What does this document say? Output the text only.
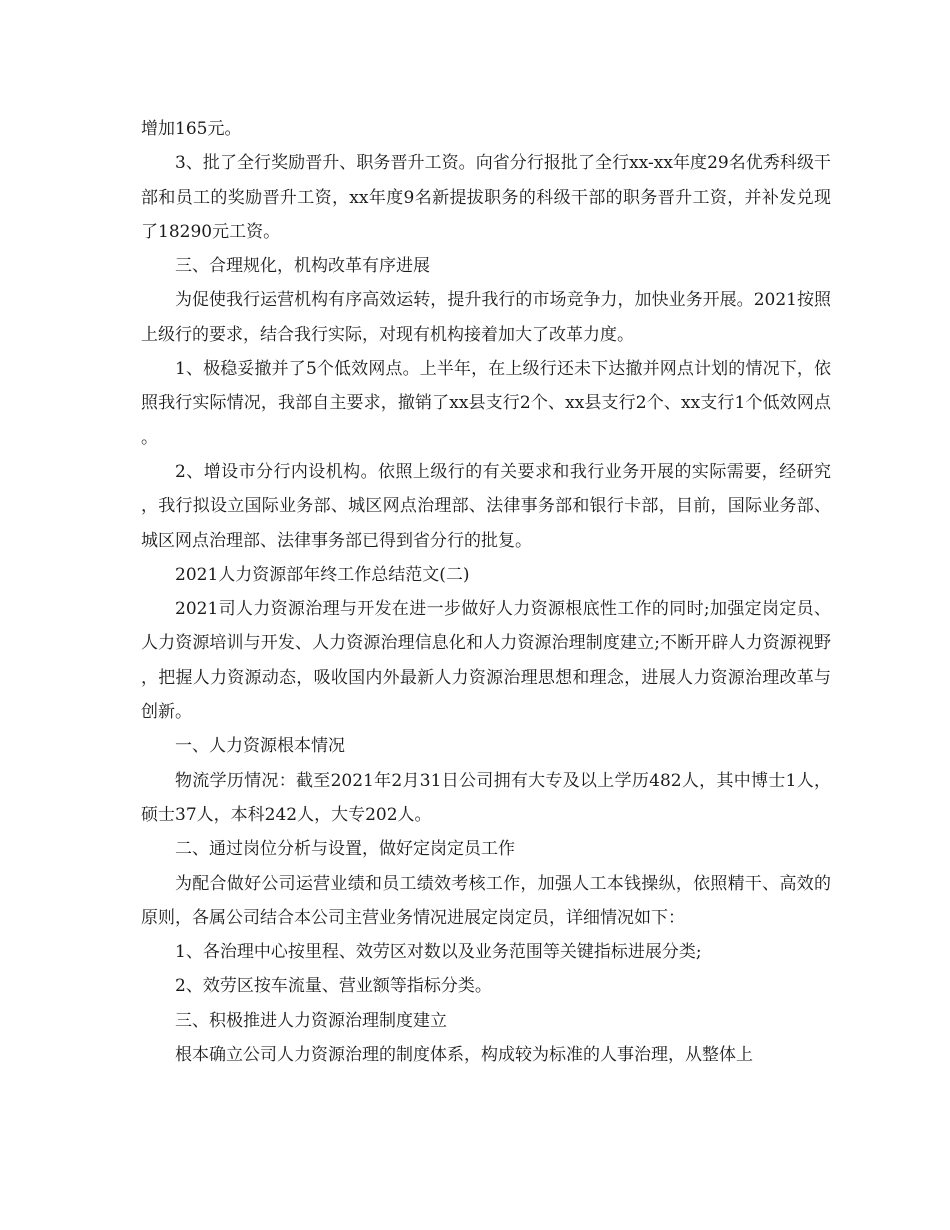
增加165元。

3、批了全行奖励晋升、职务晋升工资。向省分行报批了全行xx-xx年度29名优秀科级干部和员工的奖励晋升工资，xx年度9名新提拔职务的科级干部的职务晋升工资，并补发兑现了18290元工资。

三、合理规化，机构改革有序进展

为促使我行运营机构有序高效运转，提升我行的市场竞争力，加快业务开展。2021按照上级行的要求，结合我行实际，对现有机构接着加大了改革力度。

1、极稳妥撤并了5个低效网点。上半年，在上级行还未下达撤并网点计划的情况下，依照我行实际情况，我部自主要求，撤销了xx县支行2个、xx县支行2个、xx支行1个低效网点。

2、增设市分行内设机构。依照上级行的有关要求和我行业务开展的实际需要，经研究，我行拟设立国际业务部、城区网点治理部、法律事务部和银行卡部，目前，国际业务部、城区网点治理部、法律事务部已得到省分行的批复。

2021人力资源部年终工作总结范文(二)

2021司人力资源治理与开发在进一步做好人力资源根底性工作的同时;加强定岗定员、人力资源培训与开发、人力资源治理信息化和人力资源治理制度建立;不断开辟人力资源视野，把握人力资源动态，吸收国内外最新人力资源治理思想和理念，进展人力资源治理改革与创新。

一、人力资源根本情况

物流学历情况：截至2021年2月31日公司拥有大专及以上学历482人，其中博士1人，硕士37人，本科242人，大专202人。

二、通过岗位分析与设置，做好定岗定员工作

为配合做好公司运营业绩和员工绩效考核工作，加强人工本钱操纵，依照精干、高效的原则，各属公司结合本公司主营业务情况进展定岗定员，详细情况如下：

1、各治理中心按里程、效劳区对数以及业务范围等关键指标进展分类;

2、效劳区按车流量、营业额等指标分类。

三、积极推进人力资源治理制度建立

根本确立公司人力资源治理的制度体系，构成较为标准的人事治理，从整体上
